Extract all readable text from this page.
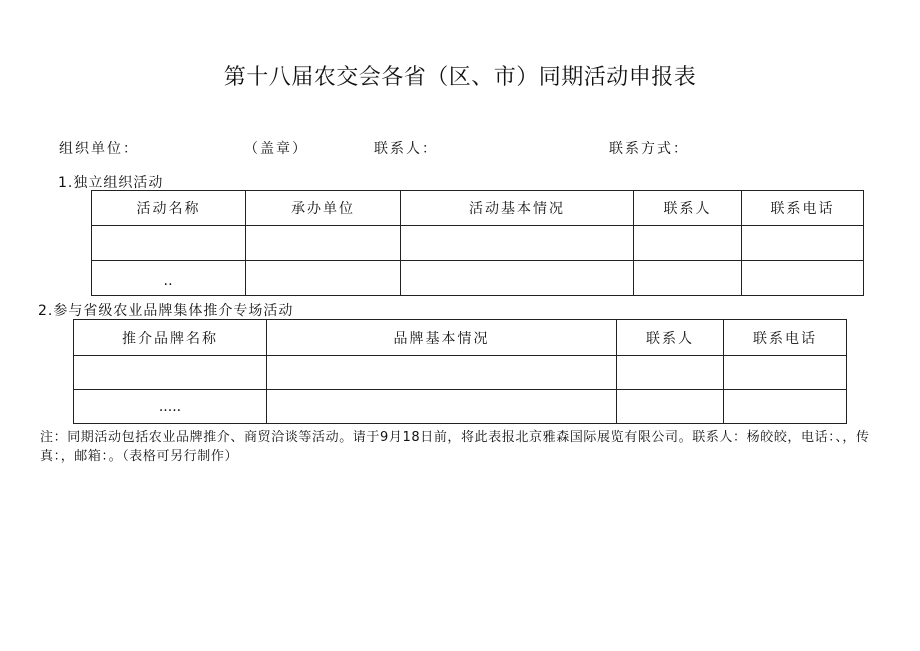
第十八届农交会各省（区、市）同期活动申报表
组织单位：	（盖章）	联系人：	联系方式：
1.独立组织活动
活动名称	承办单位	活动基本情况	联系人	联系电话

‥				
2.参与省级农业品牌集体推介专场活动
推介品牌名称	品牌基本情况	联系人	联系电话

.....			
注：同期活动包括农业品牌推介、商贸洽谈等活动。请于9月18日前，将此表报北京雅森国际展览有限公司。联系人：杨皎皎，电话：、，传真：，邮箱：。（表格可另行制作）
